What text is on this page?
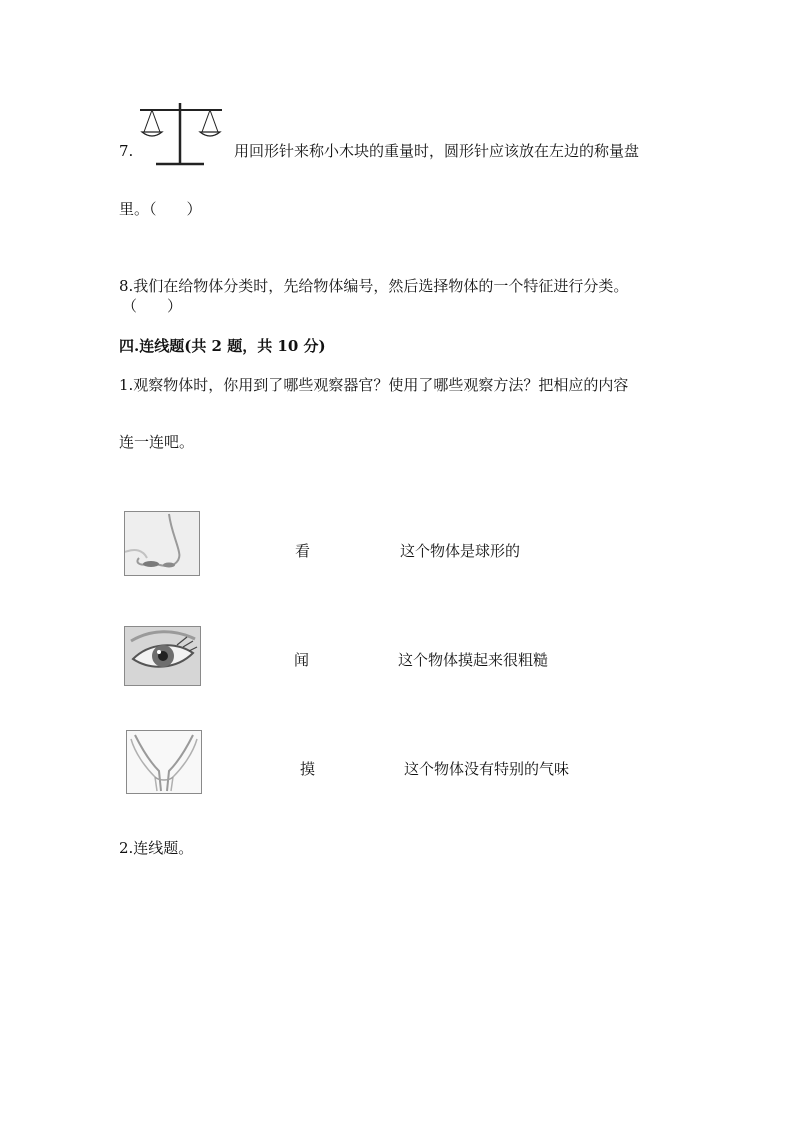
7.	用回形针来称小木块的重量时，圆形针应该放在左边的称量盘
里。（　　）
8.我们在给物体分类时，先给物体编号，然后选择物体的一个特征进行分类。
（　　）
四.连线题(共 2 题，共 10 分)
1.观察物体时，你用到了哪些观察器官？使用了哪些观察方法？把相应的内容
连一连吧。
看	这个物体是球形的
闻	这个物体摸起来很粗糙
摸	这个物体没有特别的气味
2.连线题。
